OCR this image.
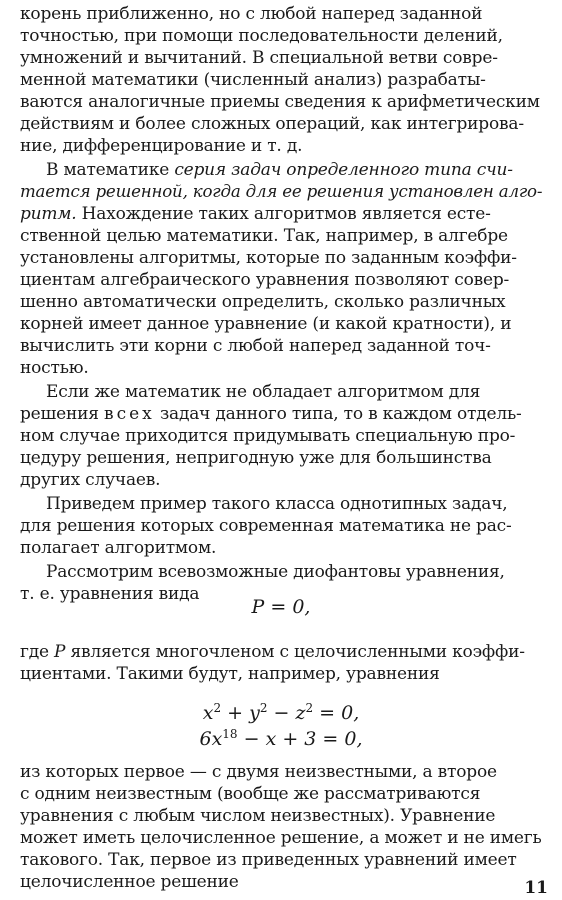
корень приближенно, но с любой наперед заданной
точностью, при помощи последовательности делений,
умножений и вычитаний. В специальной ветви совре-
менной математики (численный анализ) разрабаты-
ваются аналогичные приемы сведения к арифметическим
действиям и более сложных операций, как интегрирова-
ние, дифференцирование и т. д.
В математике серия задач определенного типа счи-
тается решенной, когда для ее решения установлен алго-
ритм. Нахождение таких алгоритмов является есте-
ственной целью математики. Так, например, в алгебре
установлены алгоритмы, которые по заданным коэффи-
циентам алгебраического уравнения позволяют совер-
шенно автоматически определить, сколько различных
корней имеет данное уравнение (и какой кратности), и
вычислить эти корни с любой наперед заданной точ-
ностью.
Если же математик не обладает алгоритмом для
решения всех задач данного типа, то в каждом отдель-
ном случае приходится придумывать специальную про-
цедуру решения, непригодную уже для большинства
других случаев.
Приведем пример такого класса однотипных задач,
для решения которых современная математика не рас-
полагает алгоритмом.
Рассмотрим всевозможные диофантовы уравнения,
т. е. уравнения вида
P = 0,
где P является многочленом с целочисленными коэффи-
циентами. Такими будут, например, уравнения
$x^2 + y^2 - z^2 = 0$,
$6x^{18} - x + 3 = 0$,
из которых первое — с двумя неизвестными, а второе
с одним неизвестным (вообще же рассматриваются
уравнения с любым числом неизвестных). Уравнение
может иметь целочисленное решение, а может и не имегь
такового. Так, первое из приведенных уравнений имеет
целочисленное решение	11
